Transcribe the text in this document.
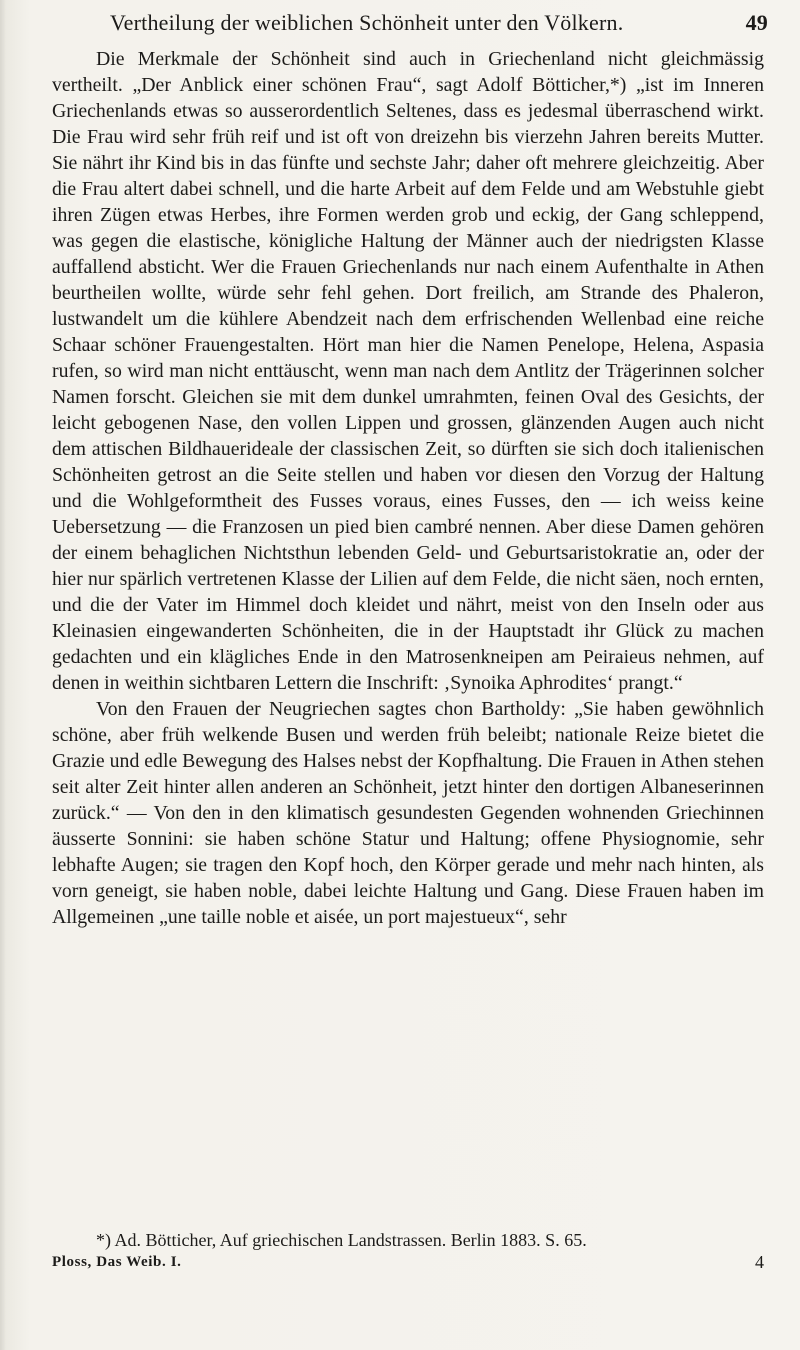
Vertheilung der weiblichen Schönheit unter den Völkern.	49

Die Merkmale der Schönheit sind auch in Griechenland nicht gleichmässig vertheilt. „Der Anblick einer schönen Frau“, sagt Adolf Bötticher,*) „ist im Inneren Griechenlands etwas so ausserordentlich Seltenes, dass es jedesmal überraschend wirkt. Die Frau wird sehr früh reif und ist oft von dreizehn bis vierzehn Jahren bereits Mutter. Sie nährt ihr Kind bis in das fünfte und sechste Jahr; daher oft mehrere gleichzeitig. Aber die Frau altert dabei schnell, und die harte Arbeit auf dem Felde und am Webstuhle giebt ihren Zügen etwas Herbes, ihre Formen werden grob und eckig, der Gang schleppend, was gegen die elastische, königliche Haltung der Männer auch der niedrigsten Klasse auffallend absticht. Wer die Frauen Griechenlands nur nach einem Aufenthalte in Athen beurtheilen wollte, würde sehr fehl gehen. Dort freilich, am Strande des Phaleron, lustwandelt um die kühlere Abendzeit nach dem erfrischenden Wellenbad eine reiche Schaar schöner Frauengestalten. Hört man hier die Namen Penelope, Helena, Aspasia rufen, so wird man nicht enttäuscht, wenn man nach dem Antlitz der Trägerinnen solcher Namen forscht. Gleichen sie mit dem dunkel umrahmten, feinen Oval des Gesichts, der leicht gebogenen Nase, den vollen Lippen und grossen, glänzenden Augen auch nicht dem attischen Bildhauerideale der classischen Zeit, so dürften sie sich doch italienischen Schönheiten getrost an die Seite stellen und haben vor diesen den Vorzug der Haltung und die Wohlgeformtheit des Fusses voraus, eines Fusses, den — ich weiss keine Uebersetzung — die Franzosen un pied bien cambré nennen. Aber diese Damen gehören der einem behaglichen Nichtsthun lebenden Geld- und Geburtsaristokratie an, oder der hier nur spärlich vertretenen Klasse der Lilien auf dem Felde, die nicht säen, noch ernten, und die der Vater im Himmel doch kleidet und nährt, meist von den Inseln oder aus Kleinasien eingewanderten Schönheiten, die in der Hauptstadt ihr Glück zu machen gedachten und ein klägliches Ende in den Matrosenkneipen am Peiraieus nehmen, auf denen in weithin sichtbaren Lettern die Inschrift: ‚Synoika Aphrodites‘ prangt.“

Von den Frauen der Neugriechen sagtes chon Bartholdy: „Sie haben gewöhnlich schöne, aber früh welkende Busen und werden früh beleibt; nationale Reize bietet die Grazie und edle Bewegung des Halses nebst der Kopfhaltung. Die Frauen in Athen stehen seit alter Zeit hinter allen anderen an Schönheit, jetzt hinter den dortigen Albaneserinnen zurück.“ — Von den in den klimatisch gesundesten Gegenden wohnenden Griechinnen äusserte Sonnini: sie haben schöne Statur und Haltung; offene Physiognomie, sehr lebhafte Augen; sie tragen den Kopf hoch, den Körper gerade und mehr nach hinten, als vorn geneigt, sie haben noble, dabei leichte Haltung und Gang. Diese Frauen haben im Allgemeinen „une taille noble et aisée, un port majestueux“, sehr

*) Ad. Bötticher, Auf griechischen Landstrassen. Berlin 1883. S. 65.
Ploss, Das Weib. I.	4
